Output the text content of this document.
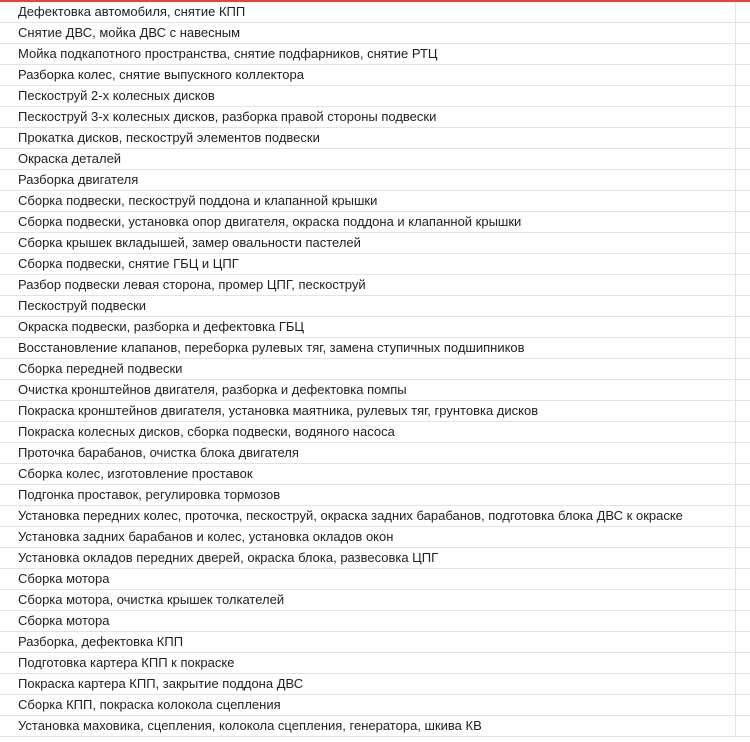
Дефектовка автомобиля, снятие КПП
Снятие ДВС, мойка ДВС с навесным
Мойка подкапотного пространства, снятие подфарников, снятие РТЦ
Разборка колес, снятие выпускного коллектора
Пескоструй 2-х колесных дисков
Пескоструй 3-х колесных дисков, разборка правой стороны подвески
Прокатка дисков, пескоструй элементов подвески
Окраска деталей
Разборка двигателя
Сборка подвески, пескоструй поддона и клапанной крышки
Сборка подвески, установка опор двигателя, окраска поддона и клапанной крышки
Сборка крышек вкладышей, замер овальности пастелей
Сборка подвески, снятие ГБЦ и ЦПГ
Разбор подвески левая сторона, промер ЦПГ, пескоструй
Пескоструй подвески
Окраска подвески, разборка и дефектовка ГБЦ
Восстановление клапанов, переборка рулевых тяг, замена ступичных подшипников
Сборка передней подвески
Очистка кронштейнов двигателя, разборка и дефектовка помпы
Покраска кронштейнов двигателя, установка маятника, рулевых тяг, грунтовка дисков
Покраска колесных дисков, сборка подвески, водяного насоса
Проточка барабанов, очистка блока двигателя
Сборка колес, изготовление проставок
Подгонка проставок, регулировка тормозов
Установка передних колес, проточка, пескоструй, окраска задних барабанов, подготовка блока ДВС к окраске
Установка задних барабанов и колес, установка окладов окон
Установка окладов передних дверей, окраска блока, развесовка ЦПГ
Сборка мотора
Сборка мотора, очистка крышек толкателей
Сборка мотора
Разборка, дефектовка КПП
Подготовка картера КПП к покраске
Покраска картера КПП, закрытие поддона ДВС
Сборка КПП, покраска колокола сцепления
Установка маховика, сцепления, колокола сцепления, генератора, шкива КВ
